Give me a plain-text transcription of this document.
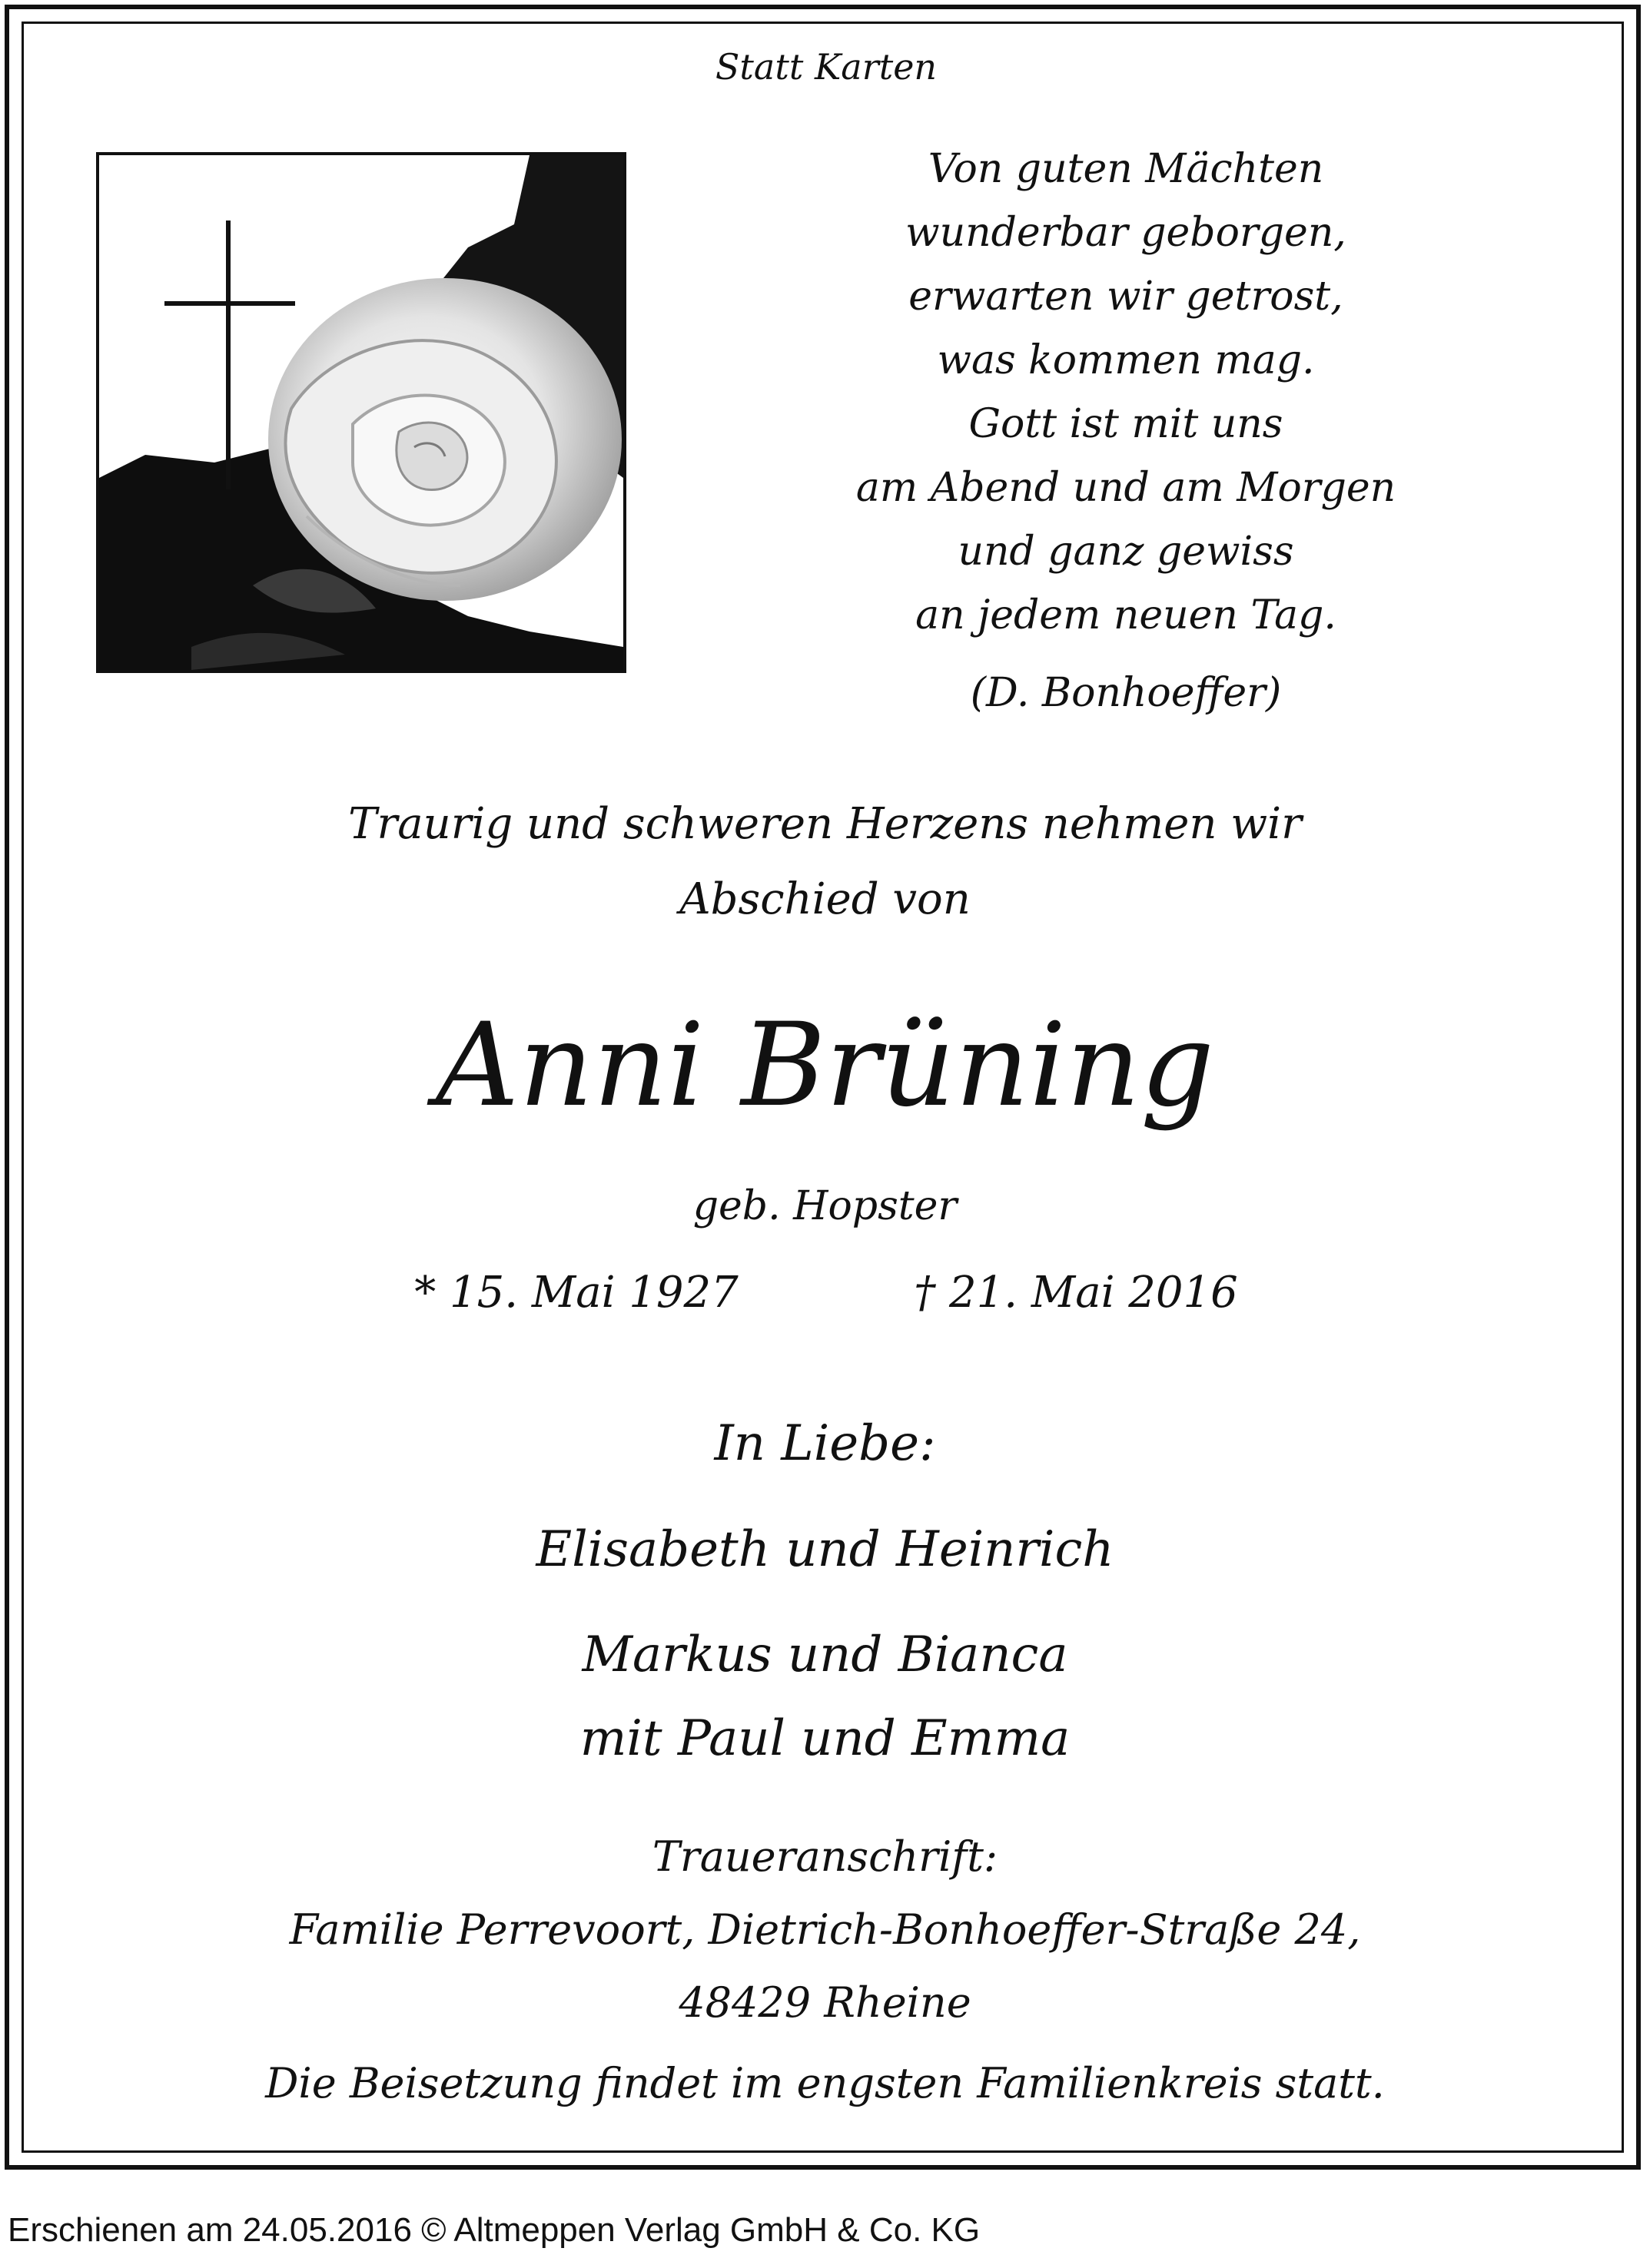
Statt Karten

Von guten Mächten

wunderbar geborgen,

erwarten wir getrost,

was kommen mag.

Gott ist mit uns

am Abend und am Morgen

und ganz gewiss

an jedem neuen Tag.

(D. Bonhoeffer)

Traurig und schweren Herzens nehmen wir

Abschied von

Anni Brüning

geb. Hopster

* 15. Mai 1927	† 21. Mai 2016

In Liebe:

Elisabeth und Heinrich

Markus und Bianca

mit Paul und Emma

Traueranschrift:

Familie Perrevoort, Dietrich-Bonhoeffer-Straße 24,

48429 Rheine

Die Beisetzung findet im engsten Familienkreis statt.

Erschienen am 24.05.2016 © Altmeppen Verlag GmbH & Co. KG
